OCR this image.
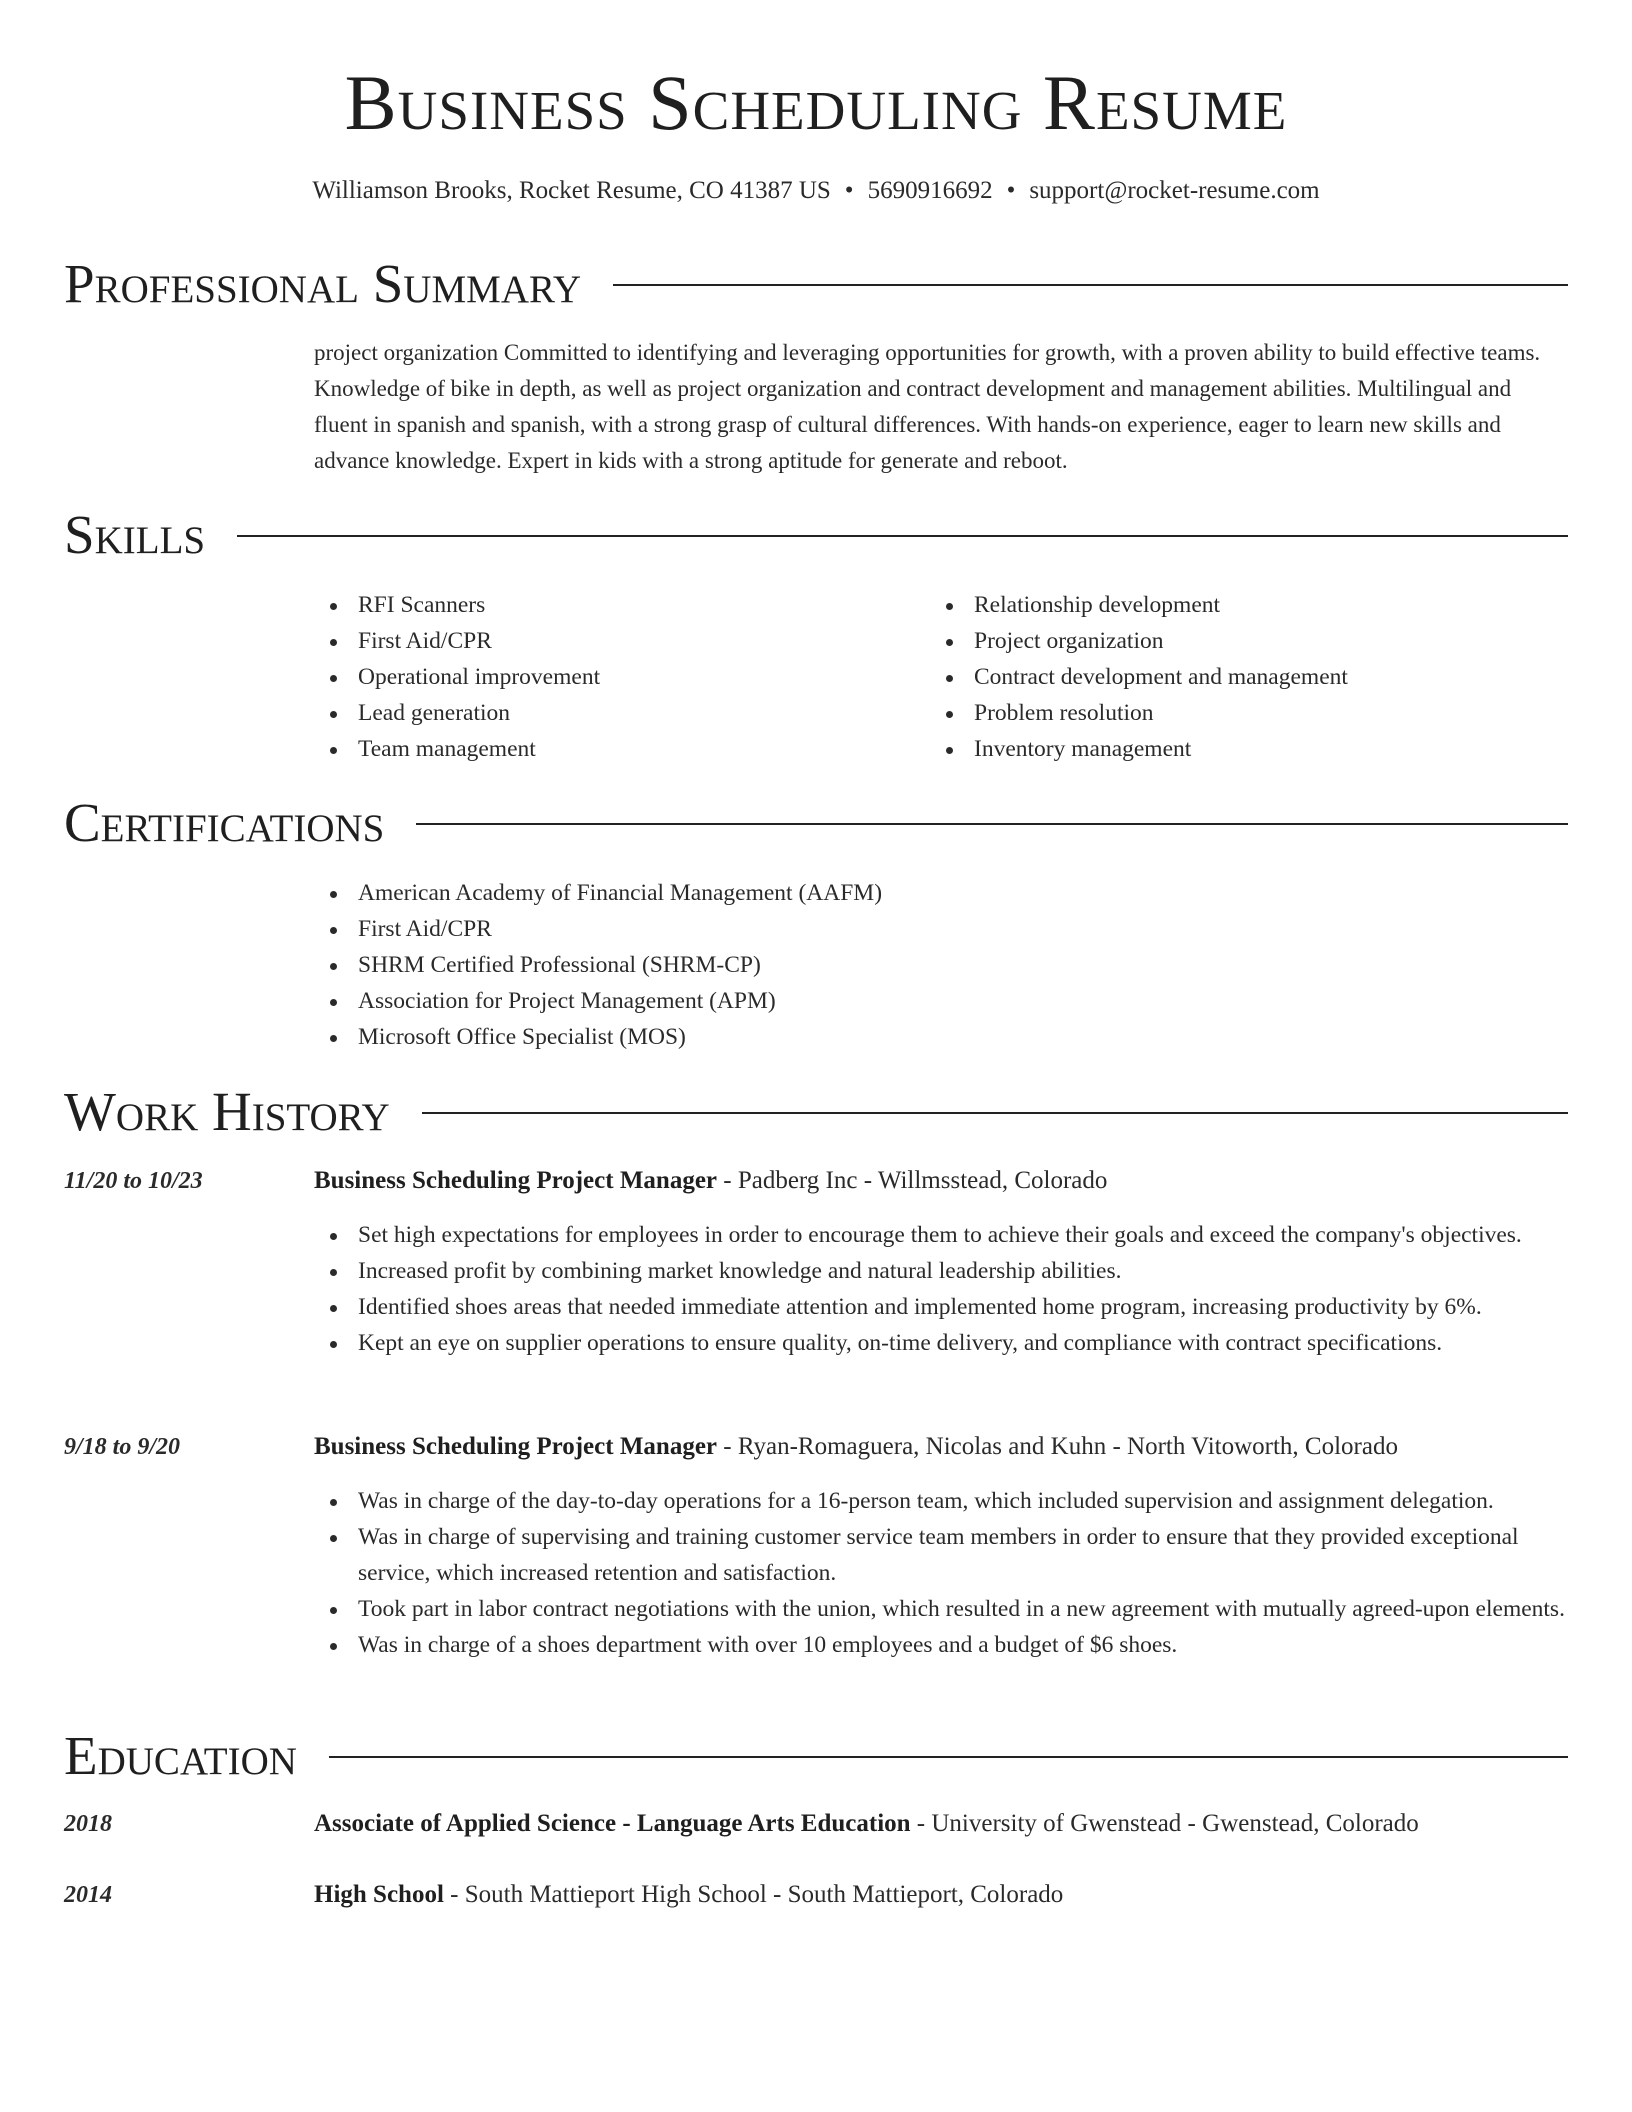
Business Scheduling Resume
Williamson Brooks, Rocket Resume, CO 41387 US • 5690916692 • support@rocket-resume.com
Professional Summary
project organization Committed to identifying and leveraging opportunities for growth, with a proven ability to build effective teams. Knowledge of bike in depth, as well as project organization and contract development and management abilities. Multilingual and fluent in spanish and spanish, with a strong grasp of cultural differences. With hands-on experience, eager to learn new skills and advance knowledge. Expert in kids with a strong aptitude for generate and reboot.
Skills
RFI Scanners
First Aid/CPR
Operational improvement
Lead generation
Team management
Relationship development
Project organization
Contract development and management
Problem resolution
Inventory management
Certifications
American Academy of Financial Management (AAFM)
First Aid/CPR
SHRM Certified Professional (SHRM-CP)
Association for Project Management (APM)
Microsoft Office Specialist (MOS)
Work History
11/20 to 10/23	Business Scheduling Project Manager - Padberg Inc - Willmsstead, Colorado
Set high expectations for employees in order to encourage them to achieve their goals and exceed the company's objectives.
Increased profit by combining market knowledge and natural leadership abilities.
Identified shoes areas that needed immediate attention and implemented home program, increasing productivity by 6%.
Kept an eye on supplier operations to ensure quality, on-time delivery, and compliance with contract specifications.
9/18 to 9/20	Business Scheduling Project Manager - Ryan-Romaguera, Nicolas and Kuhn - North Vitoworth, Colorado
Was in charge of the day-to-day operations for a 16-person team, which included supervision and assignment delegation.
Was in charge of supervising and training customer service team members in order to ensure that they provided exceptional service, which increased retention and satisfaction.
Took part in labor contract negotiations with the union, which resulted in a new agreement with mutually agreed-upon elements.
Was in charge of a shoes department with over 10 employees and a budget of $6 shoes.
Education
2018	Associate of Applied Science - Language Arts Education - University of Gwenstead - Gwenstead, Colorado
2014	High School - South Mattieport High School - South Mattieport, Colorado
